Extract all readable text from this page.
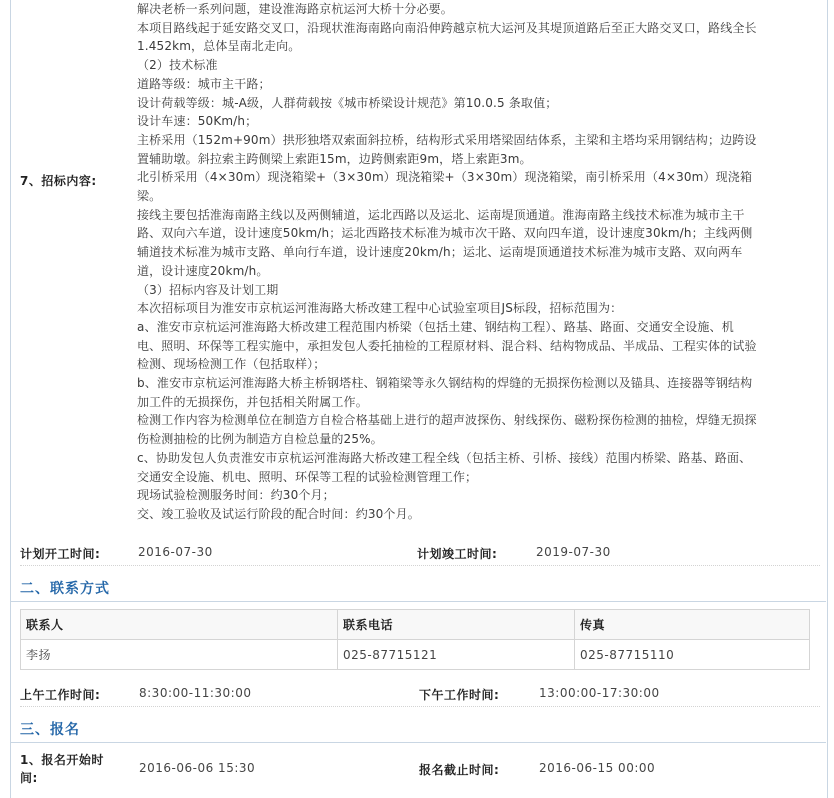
7、招标内容:
解决老桥一系列问题，建设淮海路京杭运河大桥十分必要。
本项目路线起于延安路交叉口，沿现状淮海南路向南沿伸跨越京杭大运河及其堤顶道路后至正大路交叉口，路线全长
1.452km，总体呈南北走向。
（2）技术标准
道路等级：城市主干路；
设计荷载等级：城-A级，人群荷载按《城市桥梁设计规范》第10.0.5 条取值；
设计车速：50Km/h；
主桥采用（152m+90m）拱形独塔双索面斜拉桥，结构形式采用塔梁固结体系，主梁和主塔均采用钢结构；边跨设
置辅助墩。斜拉索主跨侧梁上索距15m，边跨侧索距9m，塔上索距3m。
北引桥采用（4×30m）现浇箱梁+（3×30m）现浇箱梁+（3×30m）现浇箱梁，南引桥采用（4×30m）现浇箱
梁。
接线主要包括淮海南路主线以及两侧辅道，运北西路以及运北、运南堤顶通道。淮海南路主线技术标准为城市主干
路、双向六车道，设计速度50km/h；运北西路技术标准为城市次干路、双向四车道，设计速度30km/h；主线两侧
辅道技术标准为城市支路、单向行车道，设计速度20km/h；运北、运南堤顶通道技术标准为城市支路、双向两车
道，设计速度20km/h。
（3）招标内容及计划工期
本次招标项目为淮安市京杭运河淮海路大桥改建工程中心试验室项目JS标段，招标范围为：
a、淮安市京杭运河淮海路大桥改建工程范围内桥梁（包括土建、钢结构工程）、路基、路面、交通安全设施、机
电、照明、环保等工程实施中，承担发包人委托抽检的工程原材料、混合料、结构物成品、半成品、工程实体的试验
检测、现场检测工作（包括取样）；
b、淮安市京杭运河淮海路大桥主桥钢塔柱、钢箱梁等永久钢结构的焊缝的无损探伤检测以及锚具、连接器等钢结构
加工件的无损探伤，并包括相关附属工作。
检测工作内容为检测单位在制造方自检合格基础上进行的超声波探伤、射线探伤、磁粉探伤检测的抽检，焊缝无损探
伤检测抽检的比例为制造方自检总量的25%。
c、协助发包人负责淮安市京杭运河淮海路大桥改建工程全线（包括主桥、引桥、接线）范围内桥梁、路基、路面、
交通安全设施、机电、照明、环保等工程的试验检测管理工作；
现场试验检测服务时间：约30个月；
交、竣工验收及试运行阶段的配合时间：约30个月。
计划开工时间:	2016-07-30	计划竣工时间:	2019-07-30
二、联系方式
联系人	联系电话	传真
李扬	025-87715121	025-87715110
上午工作时间:	8:30:00-11:30:00	下午工作时间:	13:00:00-17:30:00
三、报名
1、报名开始时间:
2016-06-06 15:30	报名截止时间:	2016-06-15 00:00
